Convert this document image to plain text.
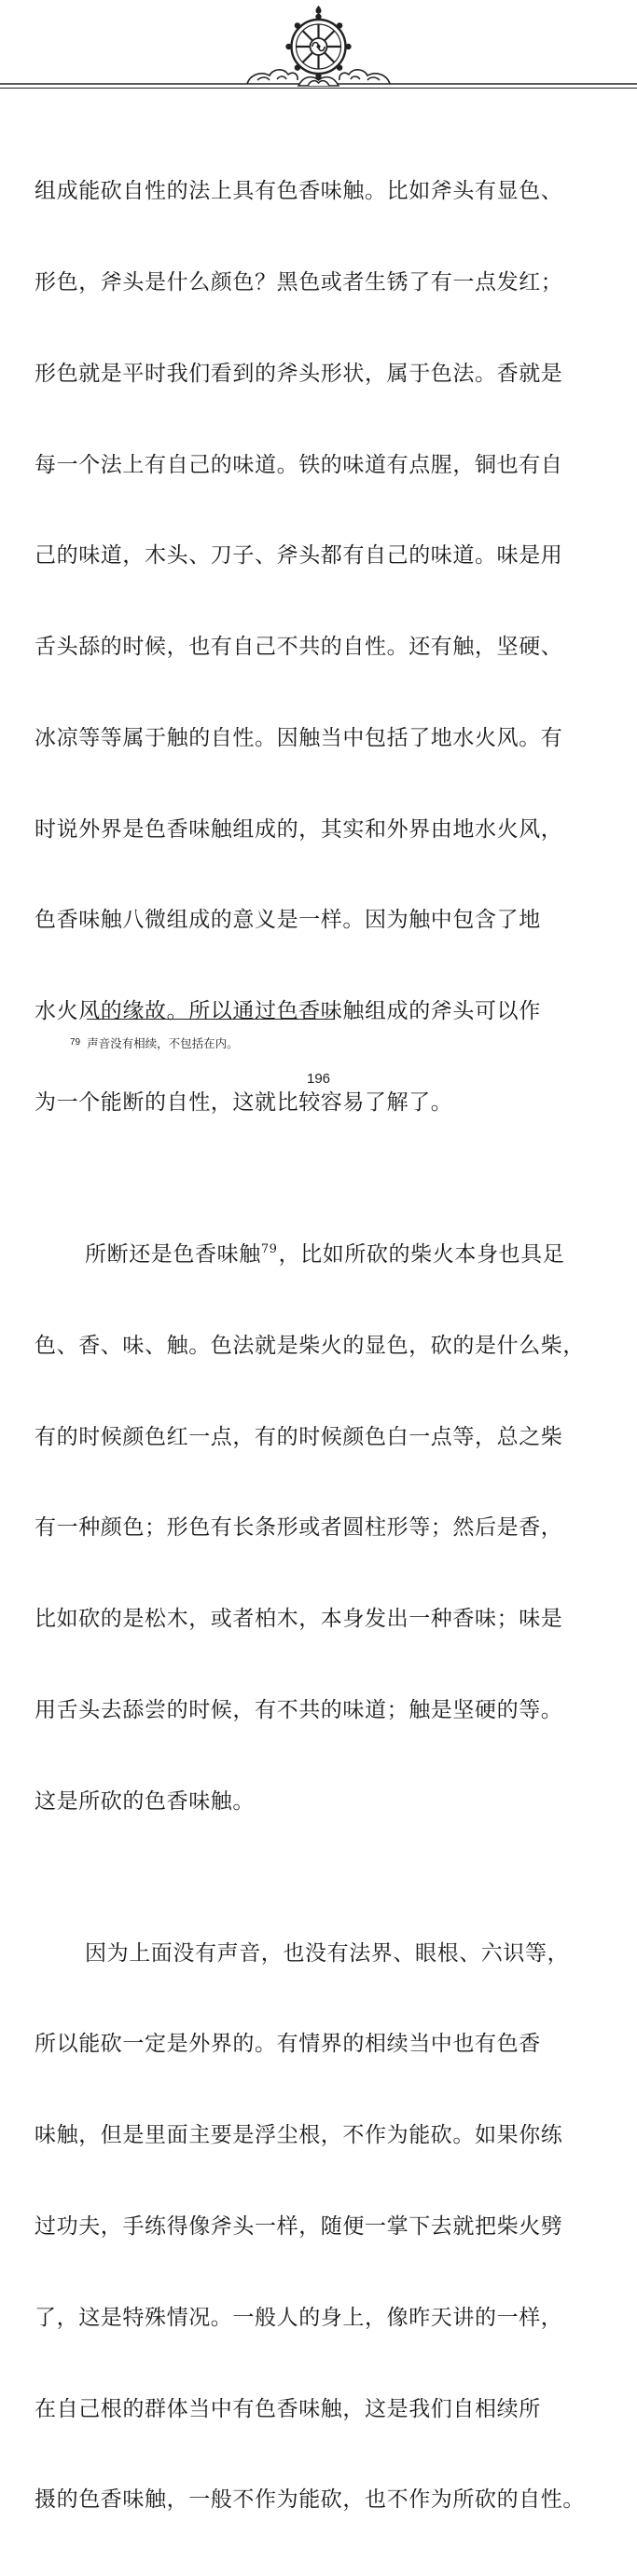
组成能砍自性的法上具有色香味触。比如斧头有显色、

形色，斧头是什么颜色？黑色或者生锈了有一点发红；

形色就是平时我们看到的斧头形状，属于色法。香就是

每一个法上有自己的味道。铁的味道有点腥，铜也有自

己的味道，木头、刀子、斧头都有自己的味道。味是用

舌头舔的时候，也有自己不共的自性。还有触，坚硬、

冰凉等等属于触的自性。因触当中包括了地水火风。有

时说外界是色香味触组成的，其实和外界由地水火风，

色香味触八微组成的意义是一样。因为触中包含了地

水火风的缘故。所以通过色香味触组成的斧头可以作

为一个能断的自性，这就比较容易了解了。

所断还是色香味触$^{79}$，比如所砍的柴火本身也具足

色、香、味、触。色法就是柴火的显色，砍的是什么柴，

有的时候颜色红一点，有的时候颜色白一点等，总之柴

有一种颜色；形色有长条形或者圆柱形等；然后是香，

比如砍的是松木，或者柏木，本身发出一种香味；味是

用舌头去舔尝的时候，有不共的味道；触是坚硬的等。

这是所砍的色香味触。

因为上面没有声音，也没有法界、眼根、六识等，

所以能砍一定是外界的。有情界的相续当中也有色香

味触，但是里面主要是浮尘根，不作为能砍。如果你练

过功夫，手练得像斧头一样，随便一掌下去就把柴火劈

了，这是特殊情况。一般人的身上，像昨天讲的一样，

在自己根的群体当中有色香味触，这是我们自相续所

摄的色香味触，一般不作为能砍，也不作为所砍的自性。

$^{79}$ 声音没有相续，不包括在内。
196
